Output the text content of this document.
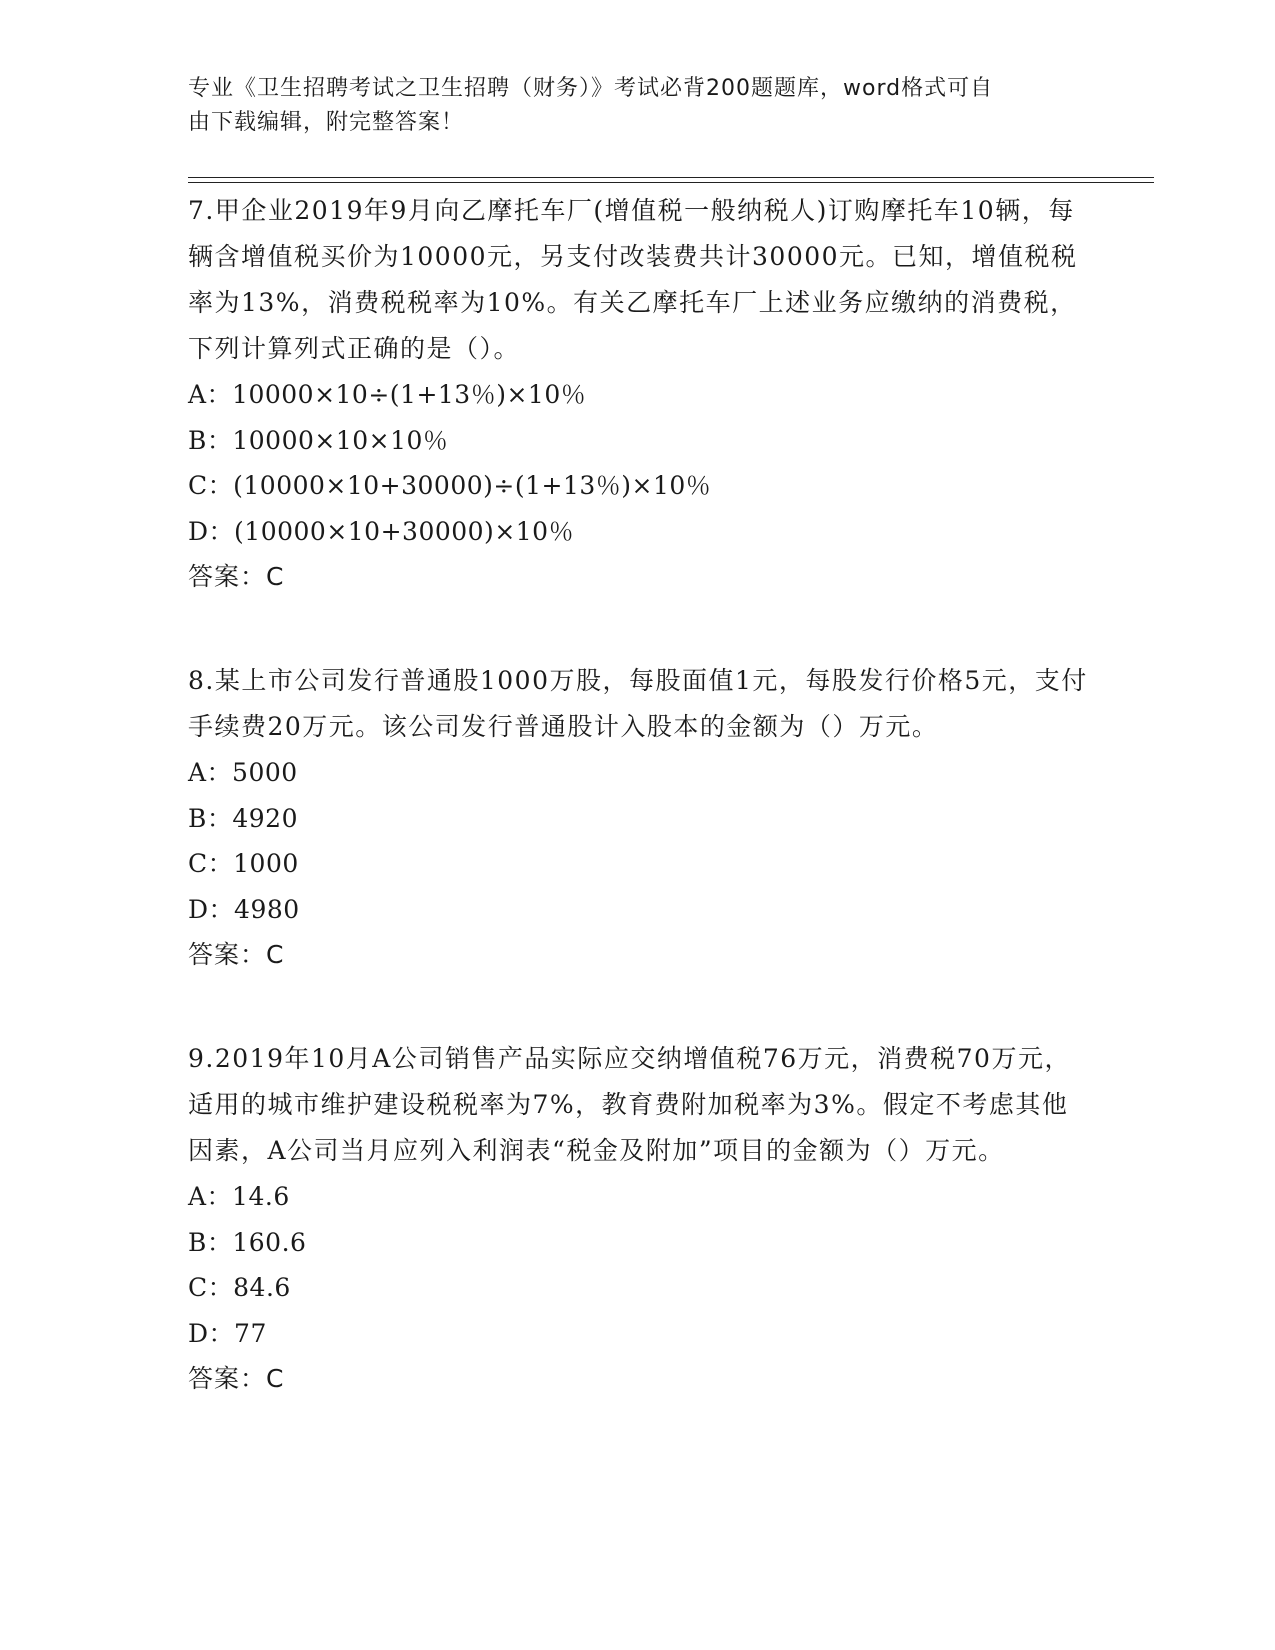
专业《卫生招聘考试之卫生招聘（财务）》考试必背200题题库，word格式可自
由下载编辑，附完整答案！

7.甲企业2019年9月向乙摩托车厂(增值税一般纳税人)订购摩托车10辆，每辆含增值税买价为10000元，另支付改装费共计30000元。已知，增值税税率为13%，消费税税率为10%。有关乙摩托车厂上述业务应缴纳的消费税，下列计算列式正确的是（）。

A：10000×10÷(1+13％)×10％
B：10000×10×10％
C：(10000×10+30000)÷(1+13％)×10％
D：(10000×10+30000)×10％
答案：C

8.某上市公司发行普通股1000万股，每股面值1元，每股发行价格5元，支付手续费20万元。该公司发行普通股计入股本的金额为（）万元。

A：5000
B：4920
C：1000
D：4980
答案：C

9.2019年10月A公司销售产品实际应交纳增值税76万元，消费税70万元，适用的城市维护建设税税率为7%，教育费附加税率为3%。假定不考虑其他因素，A公司当月应列入利润表“税金及附加”项目的金额为（）万元。

A：14.6
B：160.6
C：84.6
D：77
答案：C
